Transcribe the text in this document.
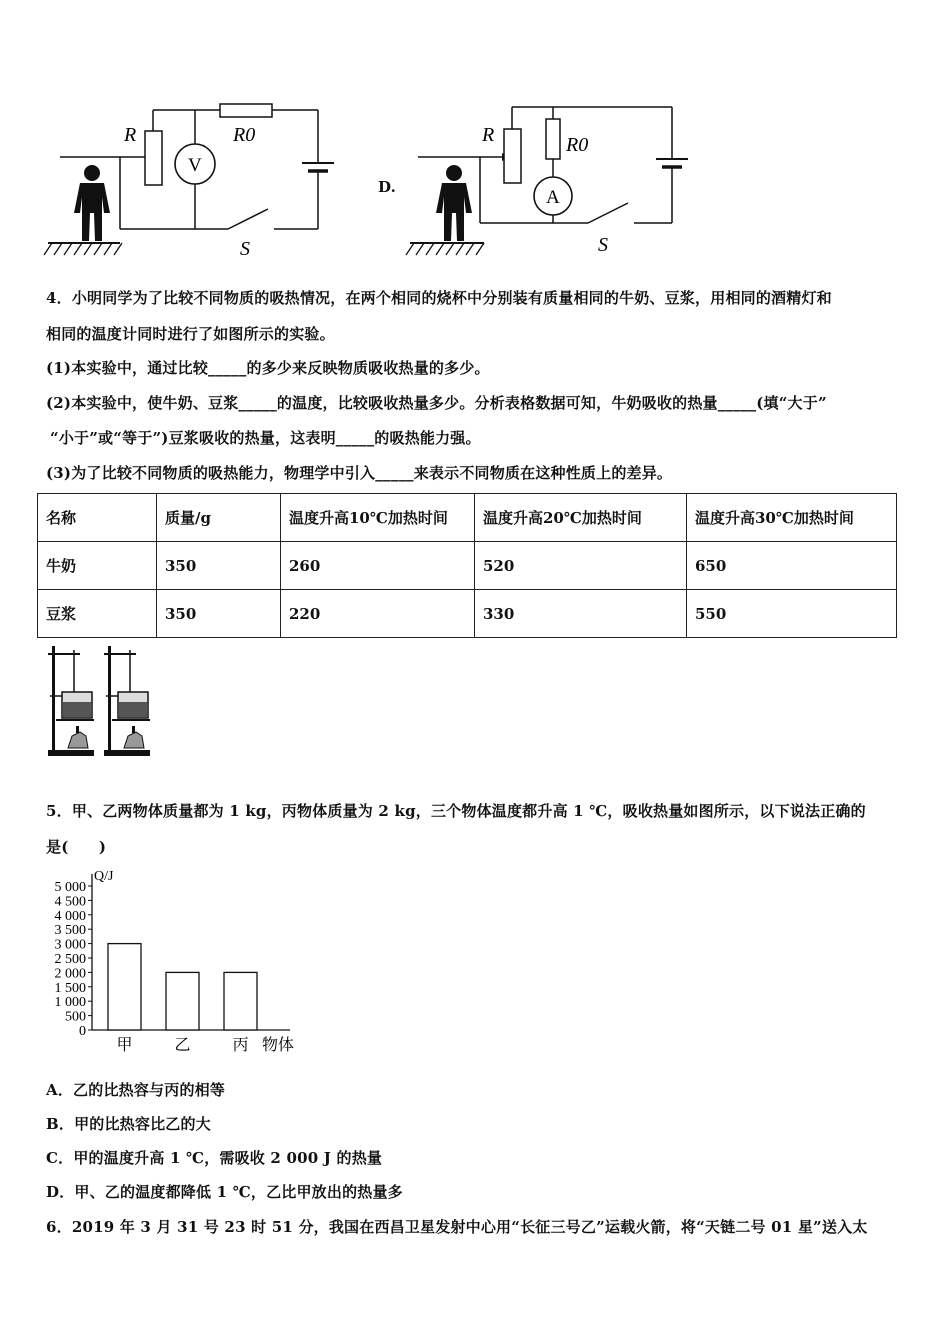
R	R0
V
S
D.
R	R0
A
S
4．小明同学为了比较不同物质的吸热情况，在两个相同的烧杯中分别装有质量相同的牛奶、豆浆，用相同的酒精灯和
相同的温度计同时进行了如图所示的实验。
(1)本实验中，通过比较_____的多少来反映物质吸收热量的多少。
(2)本实验中，使牛奶、豆浆_____的温度，比较吸收热量多少。分析表格数据可知，牛奶吸收的热量_____(填“大于”
“小于”或“等于”)豆浆吸收的热量，这表明_____的吸热能力强。
(3)为了比较不同物质的吸热能力，物理学中引入_____来表示不同物质在这种性质上的差异。
名称	质量/g	温度升高10℃加热时间	温度升高20℃加热时间	温度升高30℃加热时间
牛奶	350	260	520	650
豆浆	350	220	330	550
5．甲、乙两物体质量都为 1 kg，丙物体质量为 2 kg，三个物体温度都升高 1 ℃，吸收热量如图所示，以下说法正确的
是(　　)
Q/J
物体
0
500
1 000
1 500
2 000
2 500
3 000
3 500
4 000
4 500
5 000
甲	乙	丙
A．乙的比热容与丙的相等
B．甲的比热容比乙的大
C．甲的温度升高 1 ℃，需吸收 2 000 J 的热量
D．甲、乙的温度都降低 1 ℃，乙比甲放出的热量多
6．2019 年 3 月 31 号 23 时 51 分，我国在西昌卫星发射中心用“长征三号乙”运载火箭，将“天链二号 01 星”送入太
